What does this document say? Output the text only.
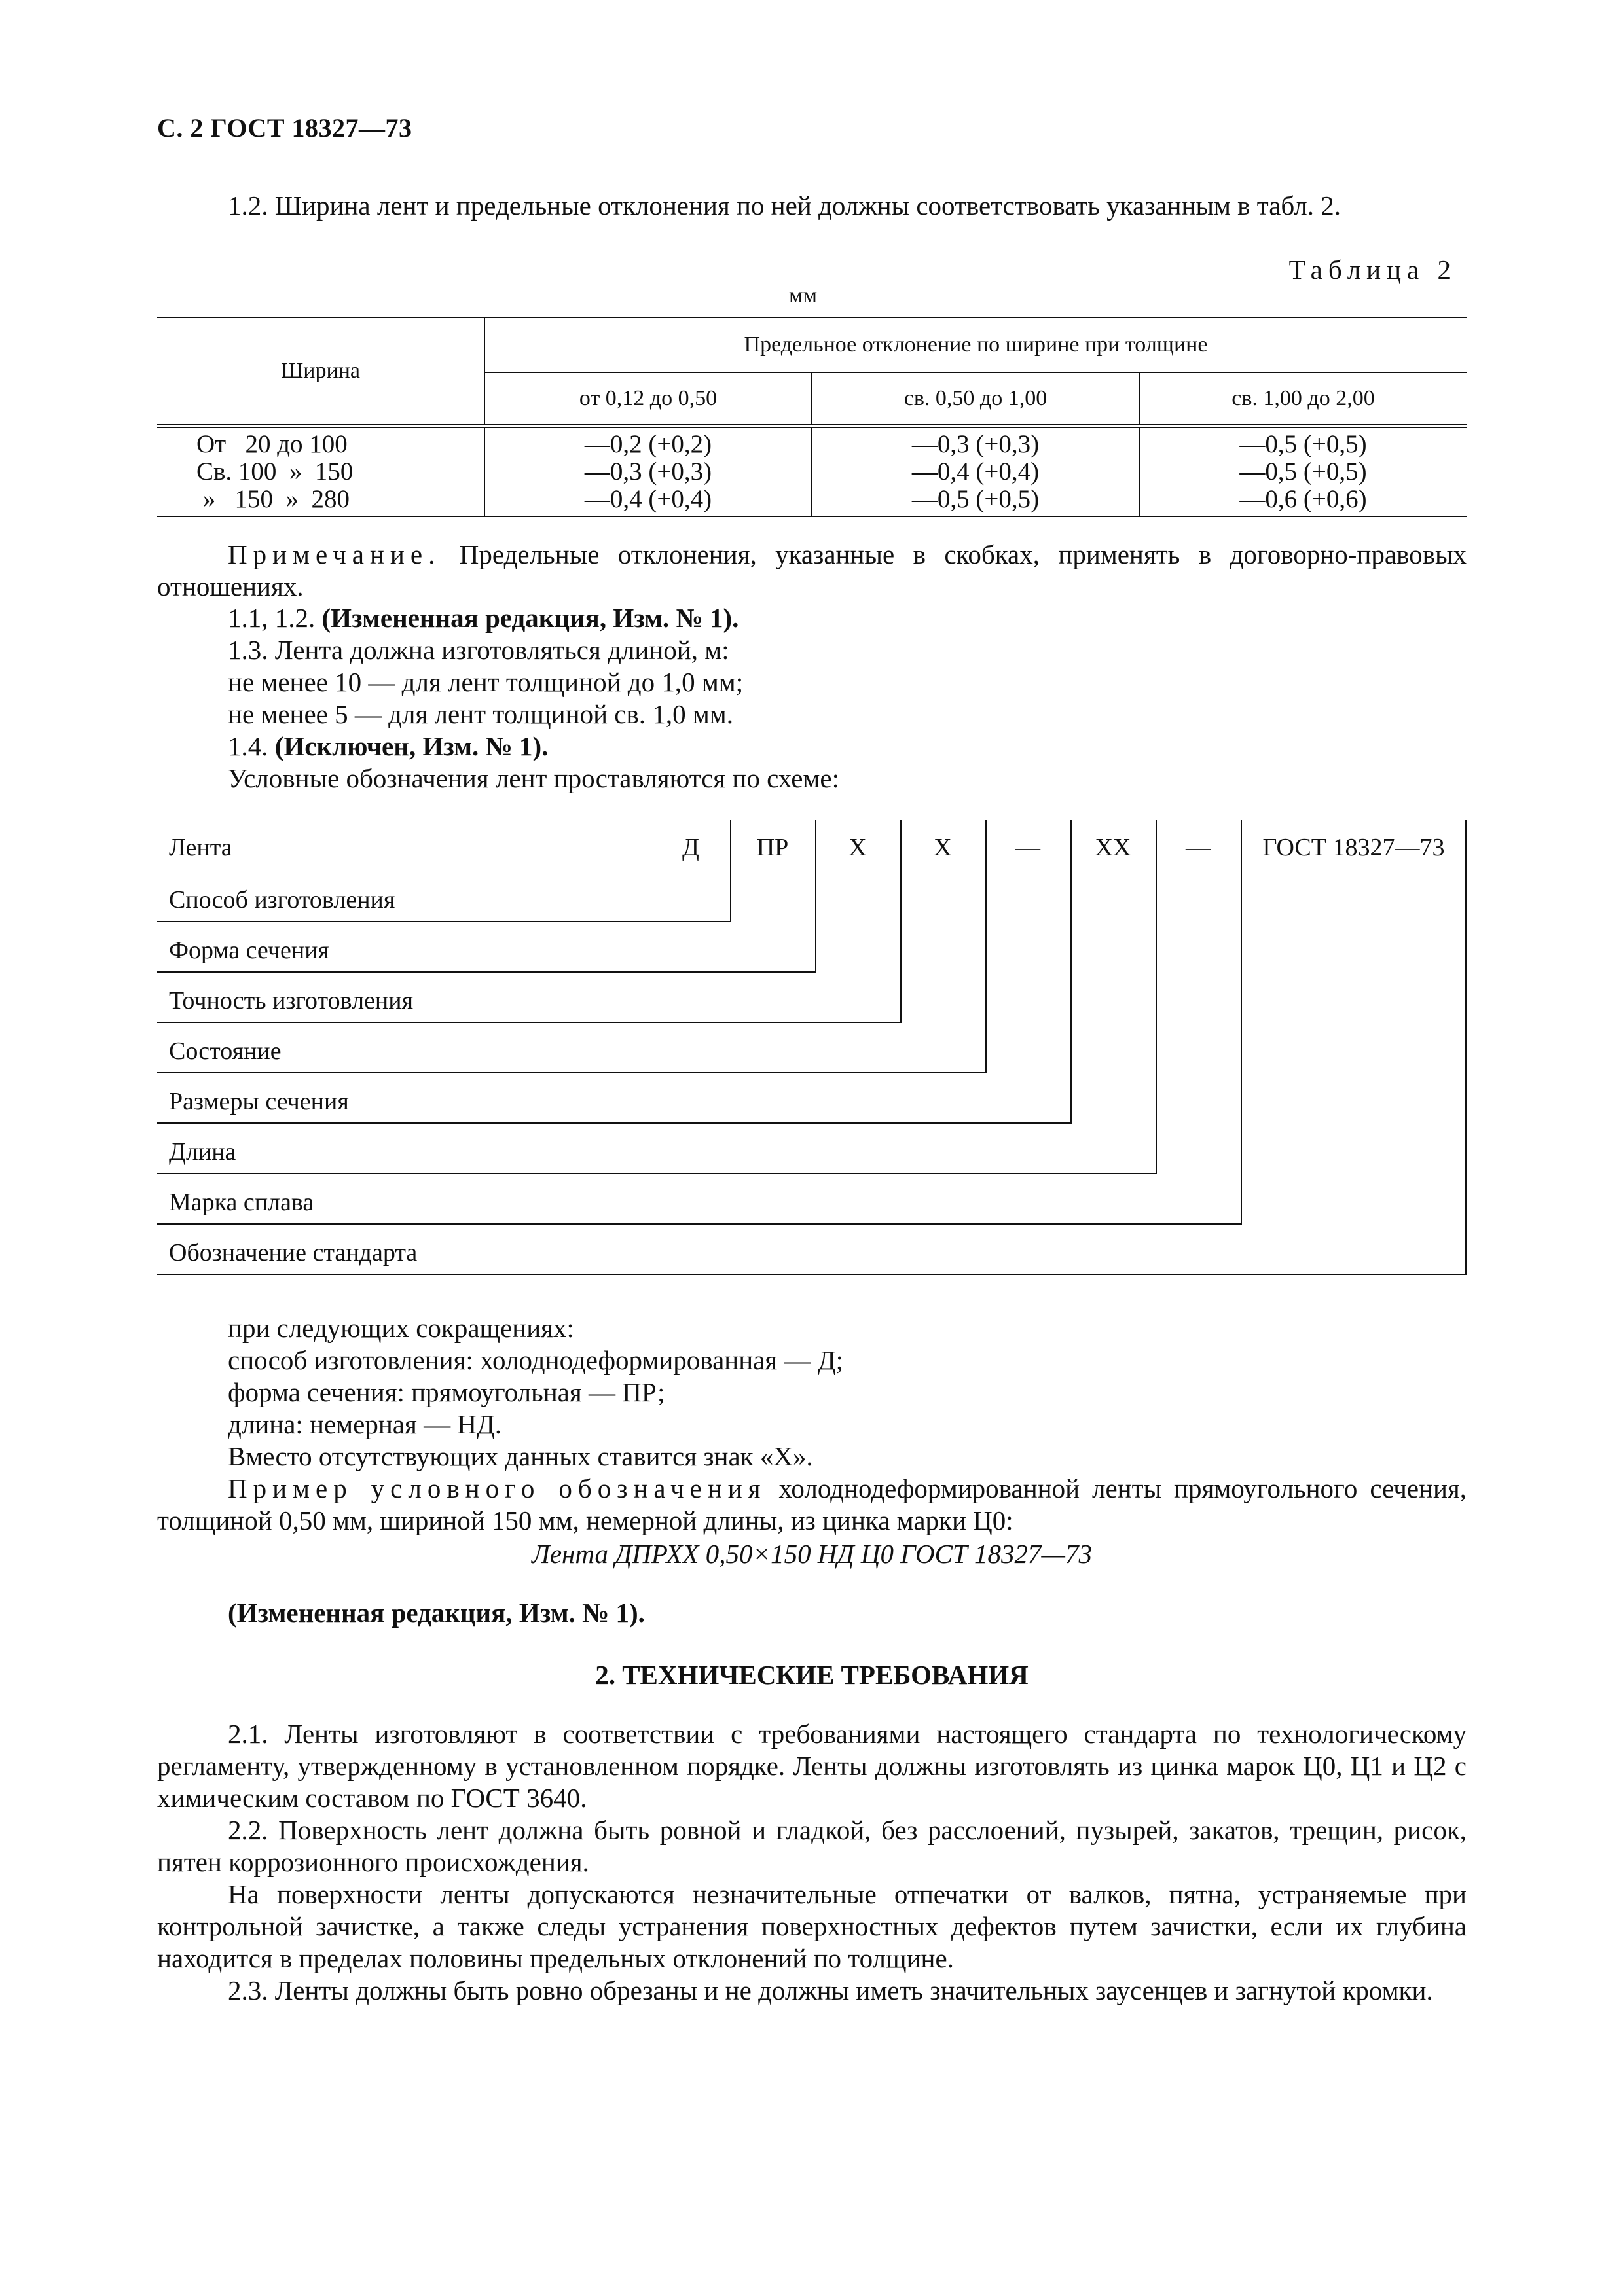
С. 2 ГОСТ 18327—73
1.2. Ширина лент и предельные отклонения по ней должны соответствовать указанным в табл. 2.
Таблица 2
мм
Ширина	Предельное отклонение по ширине при толщине		
	от 0,12 до 0,50	св. 0,50 до 1,00	св. 1,00 до 2,00
От   20 до 100	—0,2 (+0,2)	—0,3 (+0,3)	—0,5 (+0,5)
Св. 100  »  150	—0,3 (+0,3)	—0,4 (+0,4)	—0,5 (+0,5)
»   150  »  280	—0,4 (+0,4)	—0,5 (+0,5)	—0,6 (+0,6)
Примечание. Предельные отклонения, указанные в скобках, применять в договорно-правовых отношениях.
1.1, 1.2. (Измененная редакция, Изм. № 1).
1.3. Лента должна изготовляться длиной, м:
не менее 10 — для лент толщиной до 1,0 мм;
не менее 5 — для лент толщиной св. 1,0 мм.
1.4. (Исключен, Изм. № 1).
Условные обозначения лент проставляются по схеме:
Лента	Д	ПР	Х	Х	—	ХХ	—	ГОСТ 18327—73
Способ изготовления
Форма сечения
Точность изготовления
Состояние
Размеры сечения
Длина
Марка сплава
Обозначение стандарта
при следующих сокращениях:
способ изготовления: холоднодеформированная — Д;
форма сечения: прямоугольная — ПР;
длина: немерная — НД.
Вместо отсутствующих данных ставится знак «Х».
Пример условного обозначения холоднодеформированной ленты прямоугольного сечения, толщиной 0,50 мм, шириной 150 мм, немерной длины, из цинка марки Ц0:
Лента ДПРХХ 0,50×150 НД Ц0 ГОСТ 18327—73
(Измененная редакция, Изм. № 1).
2. ТЕХНИЧЕСКИЕ ТРЕБОВАНИЯ
2.1. Ленты изготовляют в соответствии с требованиями настоящего стандарта по технологическому регламенту, утвержденному в установленном порядке. Ленты должны изготовлять из цинка марок Ц0, Ц1 и Ц2 с химическим составом по ГОСТ 3640.
2.2. Поверхность лент должна быть ровной и гладкой, без расслоений, пузырей, закатов, трещин, рисок, пятен коррозионного происхождения.
На поверхности ленты допускаются незначительные отпечатки от валков, пятна, устраняемые при контрольной зачистке, а также следы устранения поверхностных дефектов путем зачистки, если их глубина находится в пределах половины предельных отклонений по толщине.
2.3. Ленты должны быть ровно обрезаны и не должны иметь значительных заусенцев и загнутой кромки.
